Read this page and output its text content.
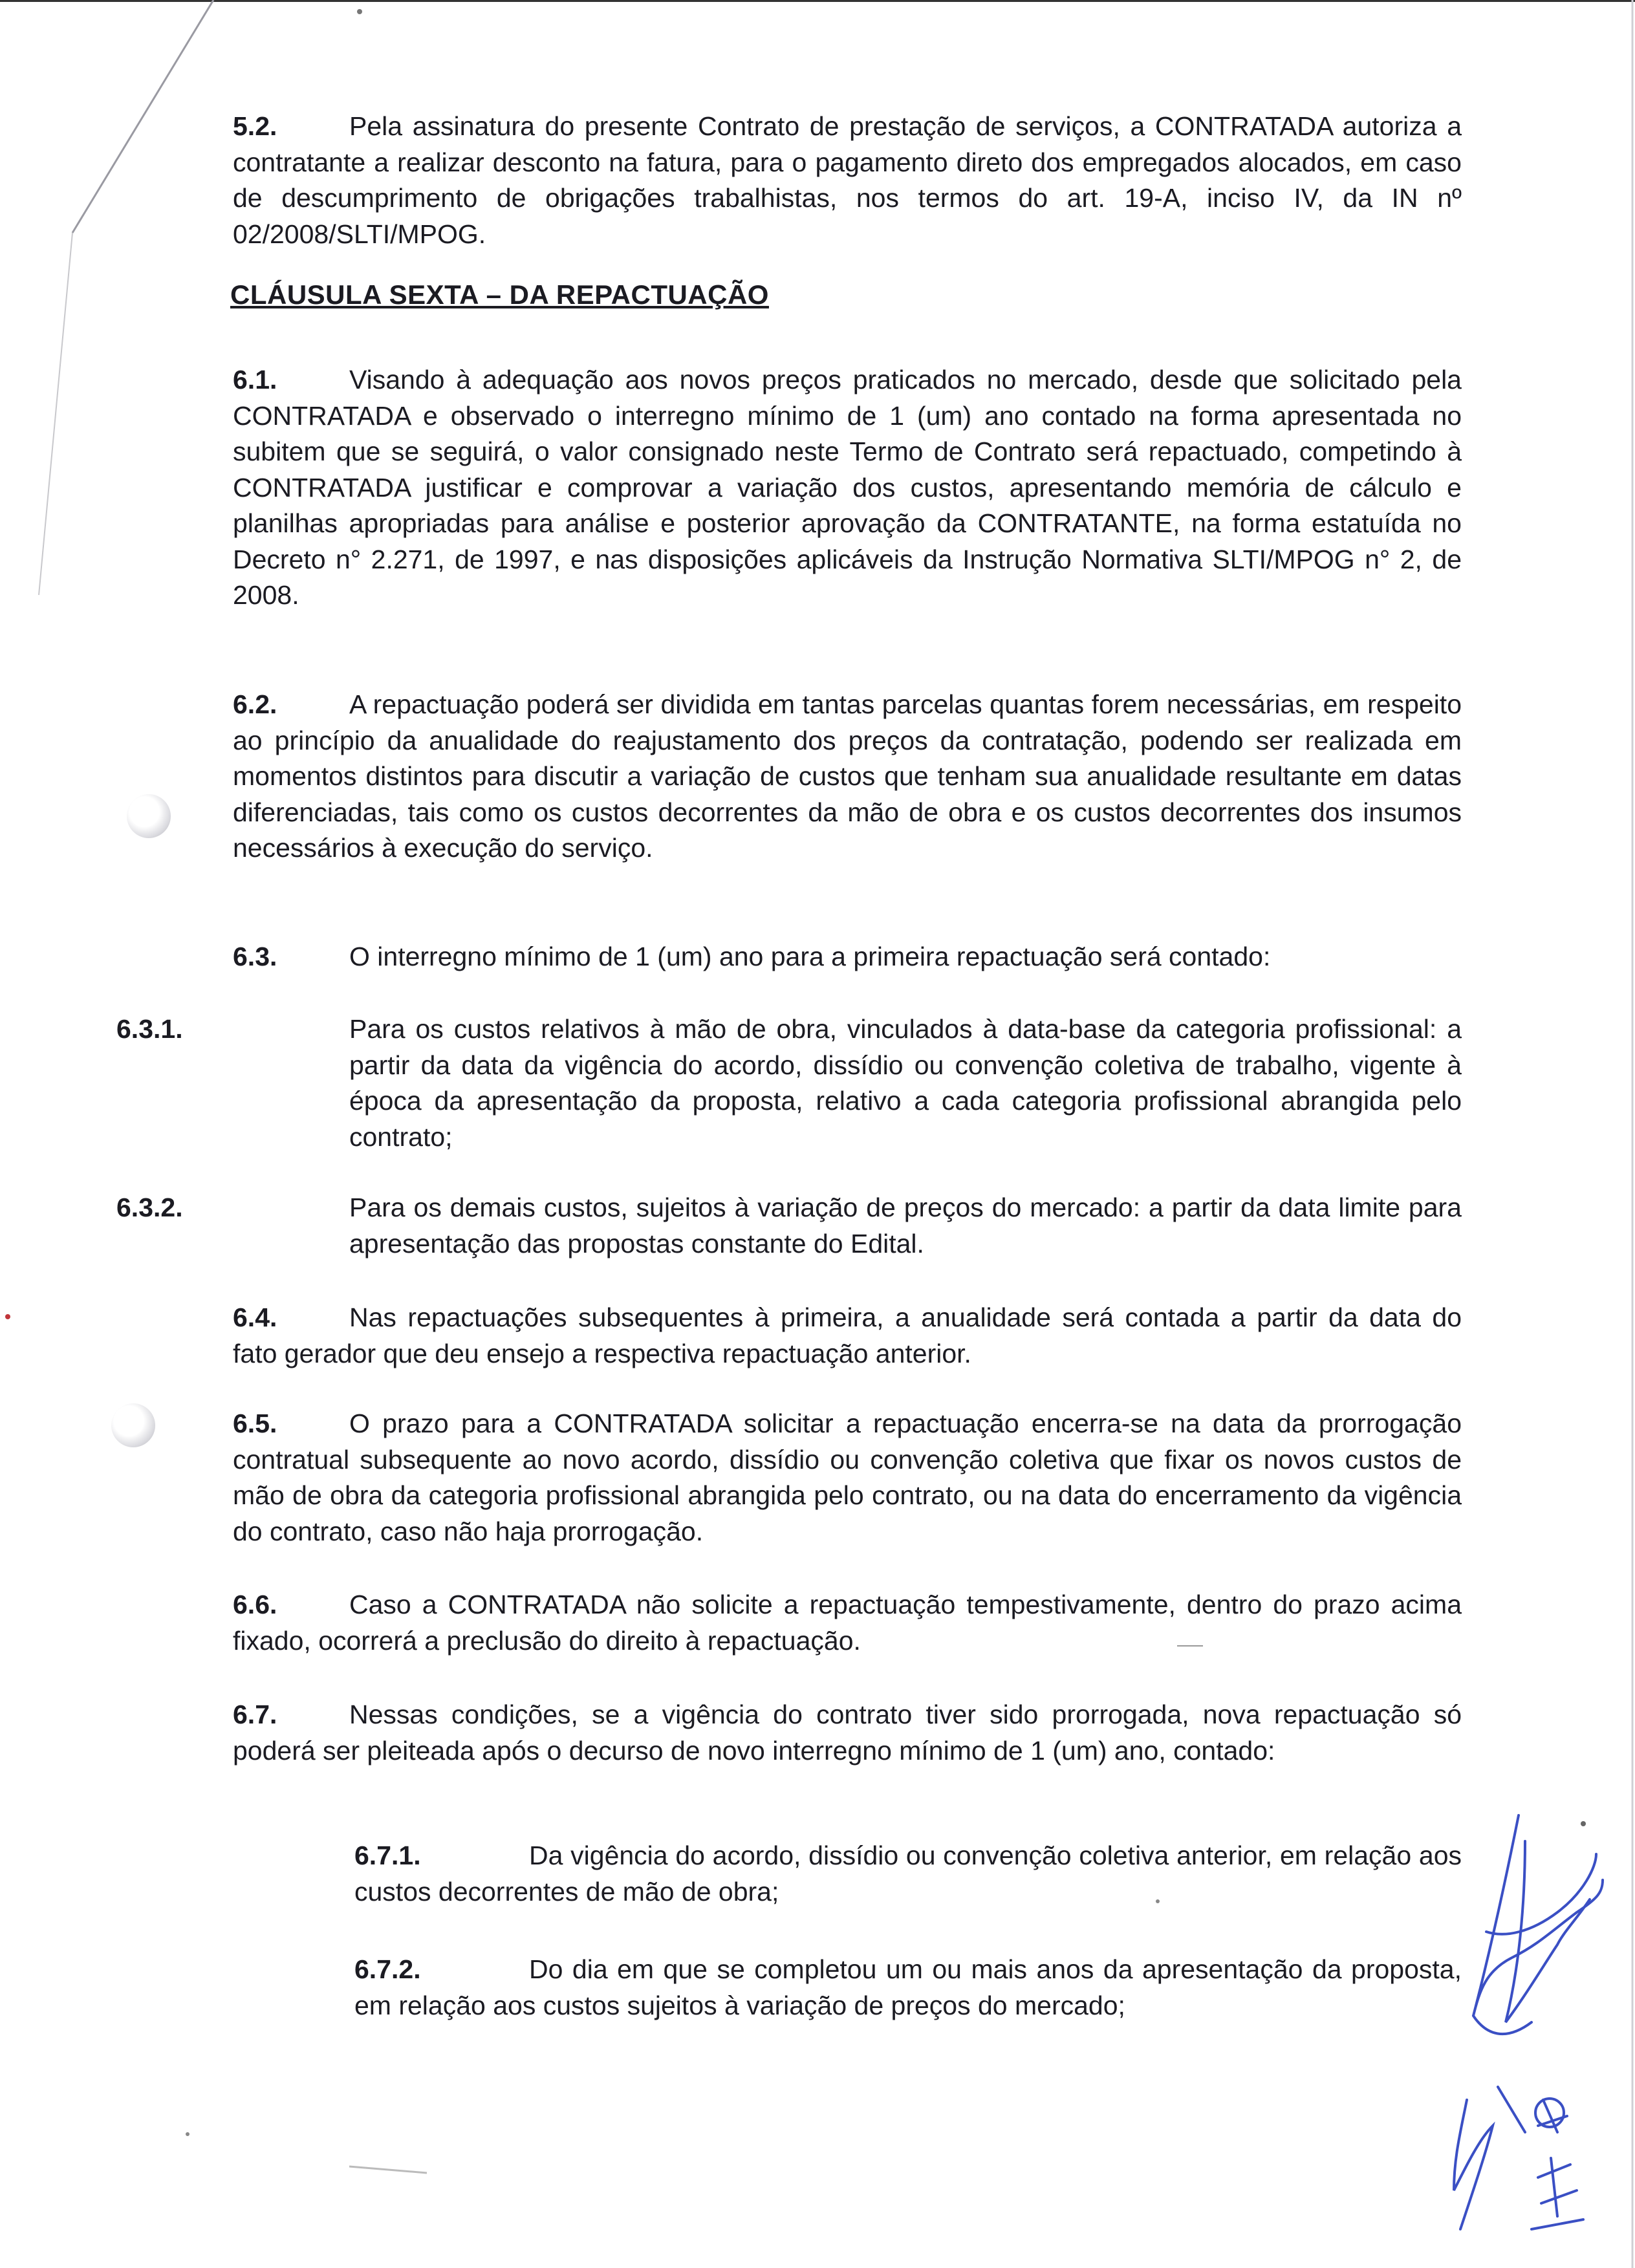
5.2.	Pela assinatura do presente Contrato de prestação de serviços, a CONTRATADA autoriza a contratante a realizar desconto na fatura, para o pagamento direto dos empregados alocados, em caso de descumprimento de obrigações trabalhistas, nos termos do art. 19-A, inciso IV, da IN nº 02/2008/SLTI/MPOG.
CLÁUSULA SEXTA – DA REPACTUAÇÃO
6.1.	Visando à adequação aos novos preços praticados no mercado, desde que solicitado pela CONTRATADA e observado o interregno mínimo de 1 (um) ano contado na forma apresentada no subitem que se seguirá, o valor consignado neste Termo de Contrato será repactuado, competindo à CONTRATADA justificar e comprovar a variação dos custos, apresentando memória de cálculo e planilhas apropriadas para análise e posterior aprovação da CONTRATANTE, na forma estatuída no Decreto n° 2.271, de 1997, e nas disposições aplicáveis da Instrução Normativa SLTI/MPOG n° 2, de 2008.
6.2.	A repactuação poderá ser dividida em tantas parcelas quantas forem necessárias, em respeito ao princípio da anualidade do reajustamento dos preços da contratação, podendo ser realizada em momentos distintos para discutir a variação de custos que tenham sua anualidade resultante em datas diferenciadas, tais como os custos decorrentes da mão de obra e os custos decorrentes dos insumos necessários à execução do serviço.
6.3.	O interregno mínimo de 1 (um) ano para a primeira repactuação será contado:
6.3.1.	Para os custos relativos à mão de obra, vinculados à data-base da categoria profissional: a partir da data da vigência do acordo, dissídio ou convenção coletiva de trabalho, vigente à época da apresentação da proposta, relativo a cada categoria profissional abrangida pelo contrato;
6.3.2.	Para os demais custos, sujeitos à variação de preços do mercado: a partir da data limite para apresentação das propostas constante do Edital.
6.4.	Nas repactuações subsequentes à primeira, a anualidade será contada a partir da data do fato gerador que deu ensejo a respectiva repactuação anterior.
6.5.	O prazo para a CONTRATADA solicitar a repactuação encerra-se na data da prorrogação contratual subsequente ao novo acordo, dissídio ou convenção coletiva que fixar os novos custos de mão de obra da categoria profissional abrangida pelo contrato, ou na data do encerramento da vigência do contrato, caso não haja prorrogação.
6.6.	Caso a CONTRATADA não solicite a repactuação tempestivamente, dentro do prazo acima fixado, ocorrerá a preclusão do direito à repactuação.
6.7.	Nessas condições, se a vigência do contrato tiver sido prorrogada, nova repactuação só poderá ser pleiteada após o decurso de novo interregno mínimo de 1 (um) ano, contado:
6.7.1.	Da vigência do acordo, dissídio ou convenção coletiva anterior, em relação aos custos decorrentes de mão de obra;
6.7.2.	Do dia em que se completou um ou mais anos da apresentação da proposta, em relação aos custos sujeitos à variação de preços do mercado;
